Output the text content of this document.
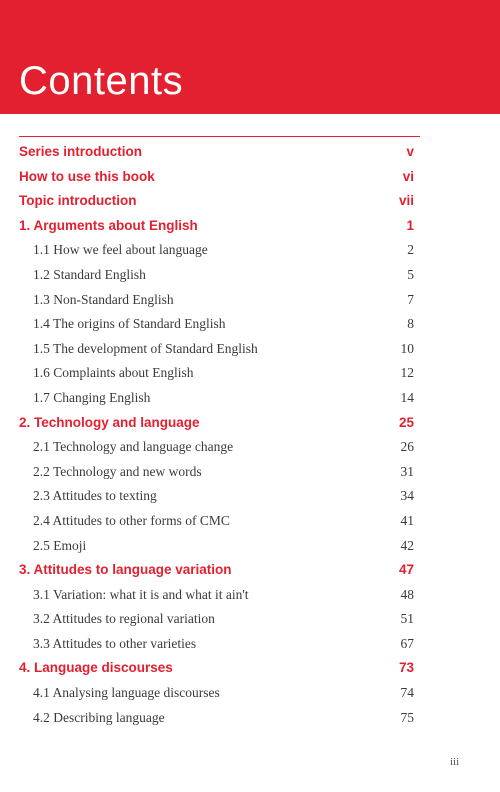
Contents
Series introduction	v
How to use this book	vi
Topic introduction	vii
1. Arguments about English	1
1.1 How we feel about language	2
1.2 Standard English	5
1.3 Non-Standard English	7
1.4 The origins of Standard English	8
1.5 The development of Standard English	10
1.6 Complaints about English	12
1.7 Changing English	14
2. Technology and language	25
2.1 Technology and language change	26
2.2 Technology and new words	31
2.3 Attitudes to texting	34
2.4 Attitudes to other forms of CMC	41
2.5 Emoji	42
3. Attitudes to language variation	47
3.1 Variation: what it is and what it ain't	48
3.2 Attitudes to regional variation	51
3.3 Attitudes to other varieties	67
4. Language discourses	73
4.1 Analysing language discourses	74
4.2 Describing language	75
iii
